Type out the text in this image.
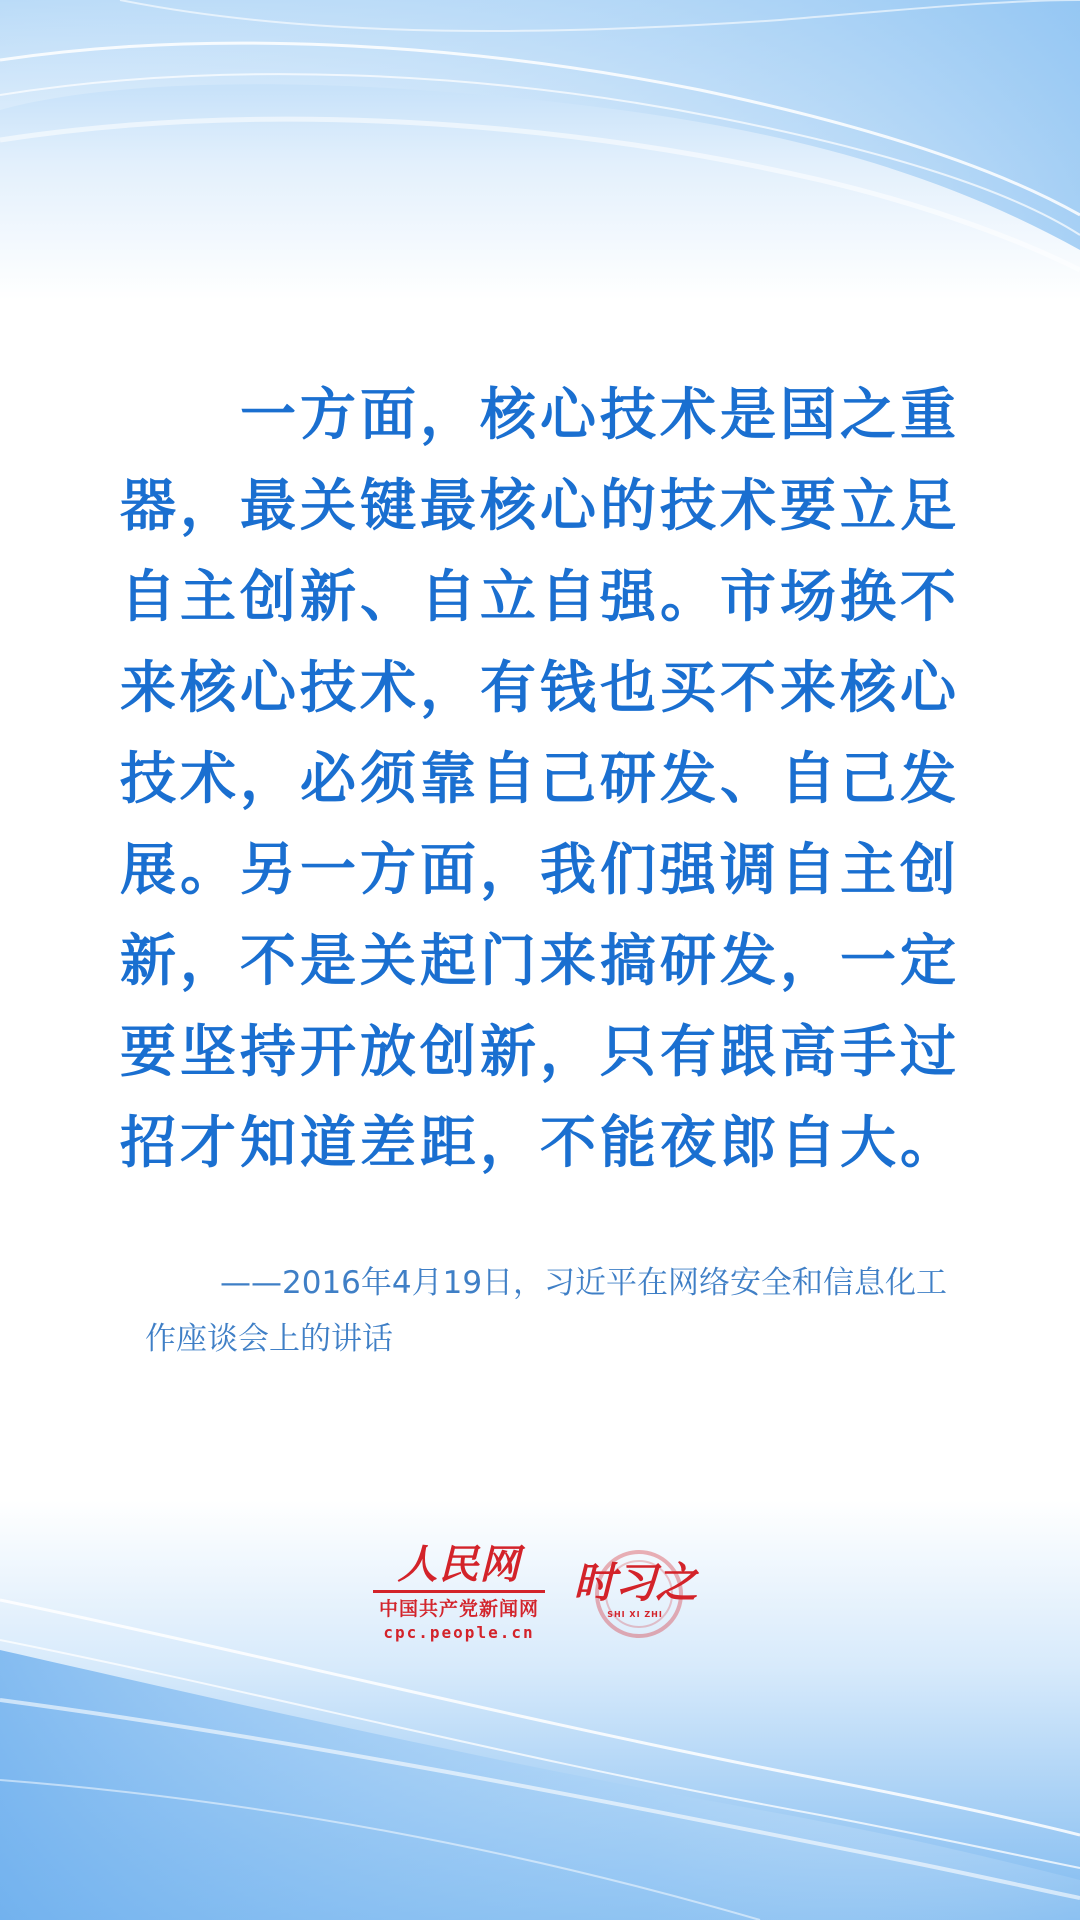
一方面，核心技术是国之重器，最关键最核心的技术要立足自主创新、自立自强。市场换不来核心技术，有钱也买不来核心技术，必须靠自己研发、自己发展。另一方面，我们强调自主创新，不是关起门来搞研发，一定要坚持开放创新，只有跟高手过招才知道差距，不能夜郎自大。

——2016年4月19日，习近平在网络安全和信息化工作座谈会上的讲话

人民网
中国共产党新闻网
cpc.people.cn
时习之
SHI XI ZHI
